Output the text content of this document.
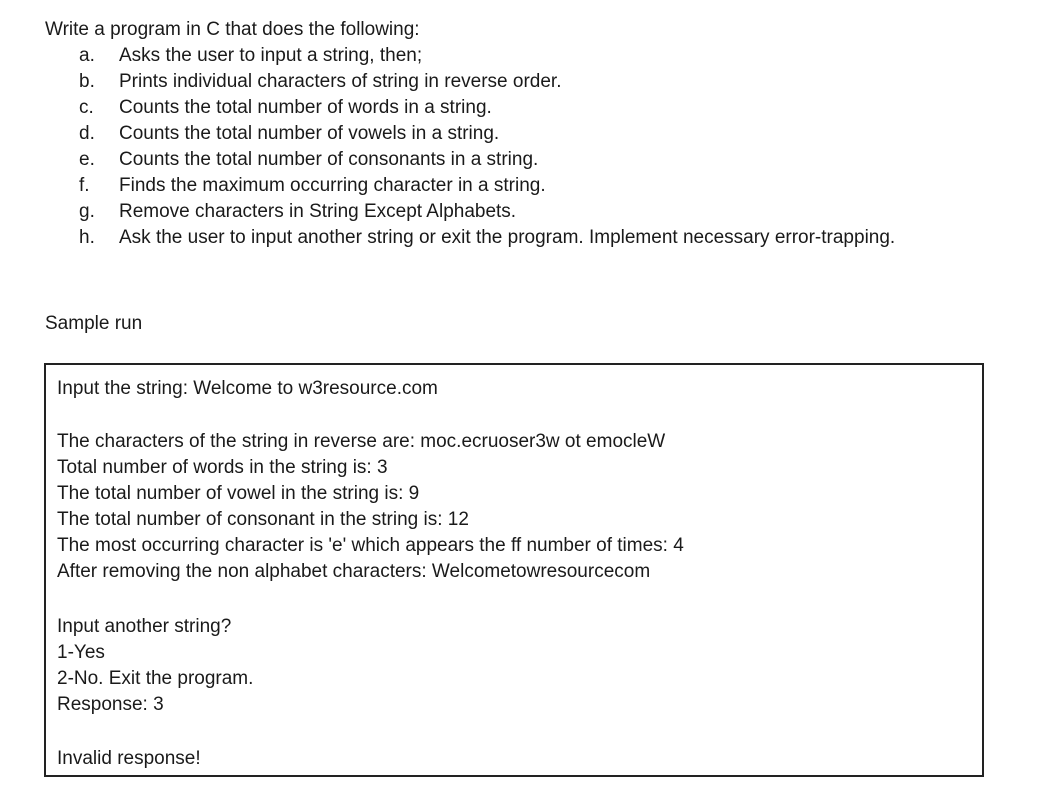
Write a program in C that does the following:

a.	Asks the user to input a string, then;
b.	Prints individual characters of string in reverse order.
c.	Counts the total number of words in a string.
d.	Counts the total number of vowels in a string.
e.	Counts the total number of consonants in a string.
f.	Finds the maximum occurring character in a string.
g.	Remove characters in String Except Alphabets.
h.	Ask the user to input another string or exit the program. Implement necessary error-trapping.

Sample run

Input the string: Welcome to w3resource.com
The characters of the string in reverse are: moc.ecruoser3w ot emocleW
Total number of words in the string is: 3
The total number of vowel in the string is: 9
The total number of consonant in the string is: 12
The most occurring character is 'e' which appears the ff number of times: 4
After removing the non alphabet characters: Welcometowresourcecom
Input another string?
1-Yes
2-No. Exit the program.
Response: 3
Invalid response!
